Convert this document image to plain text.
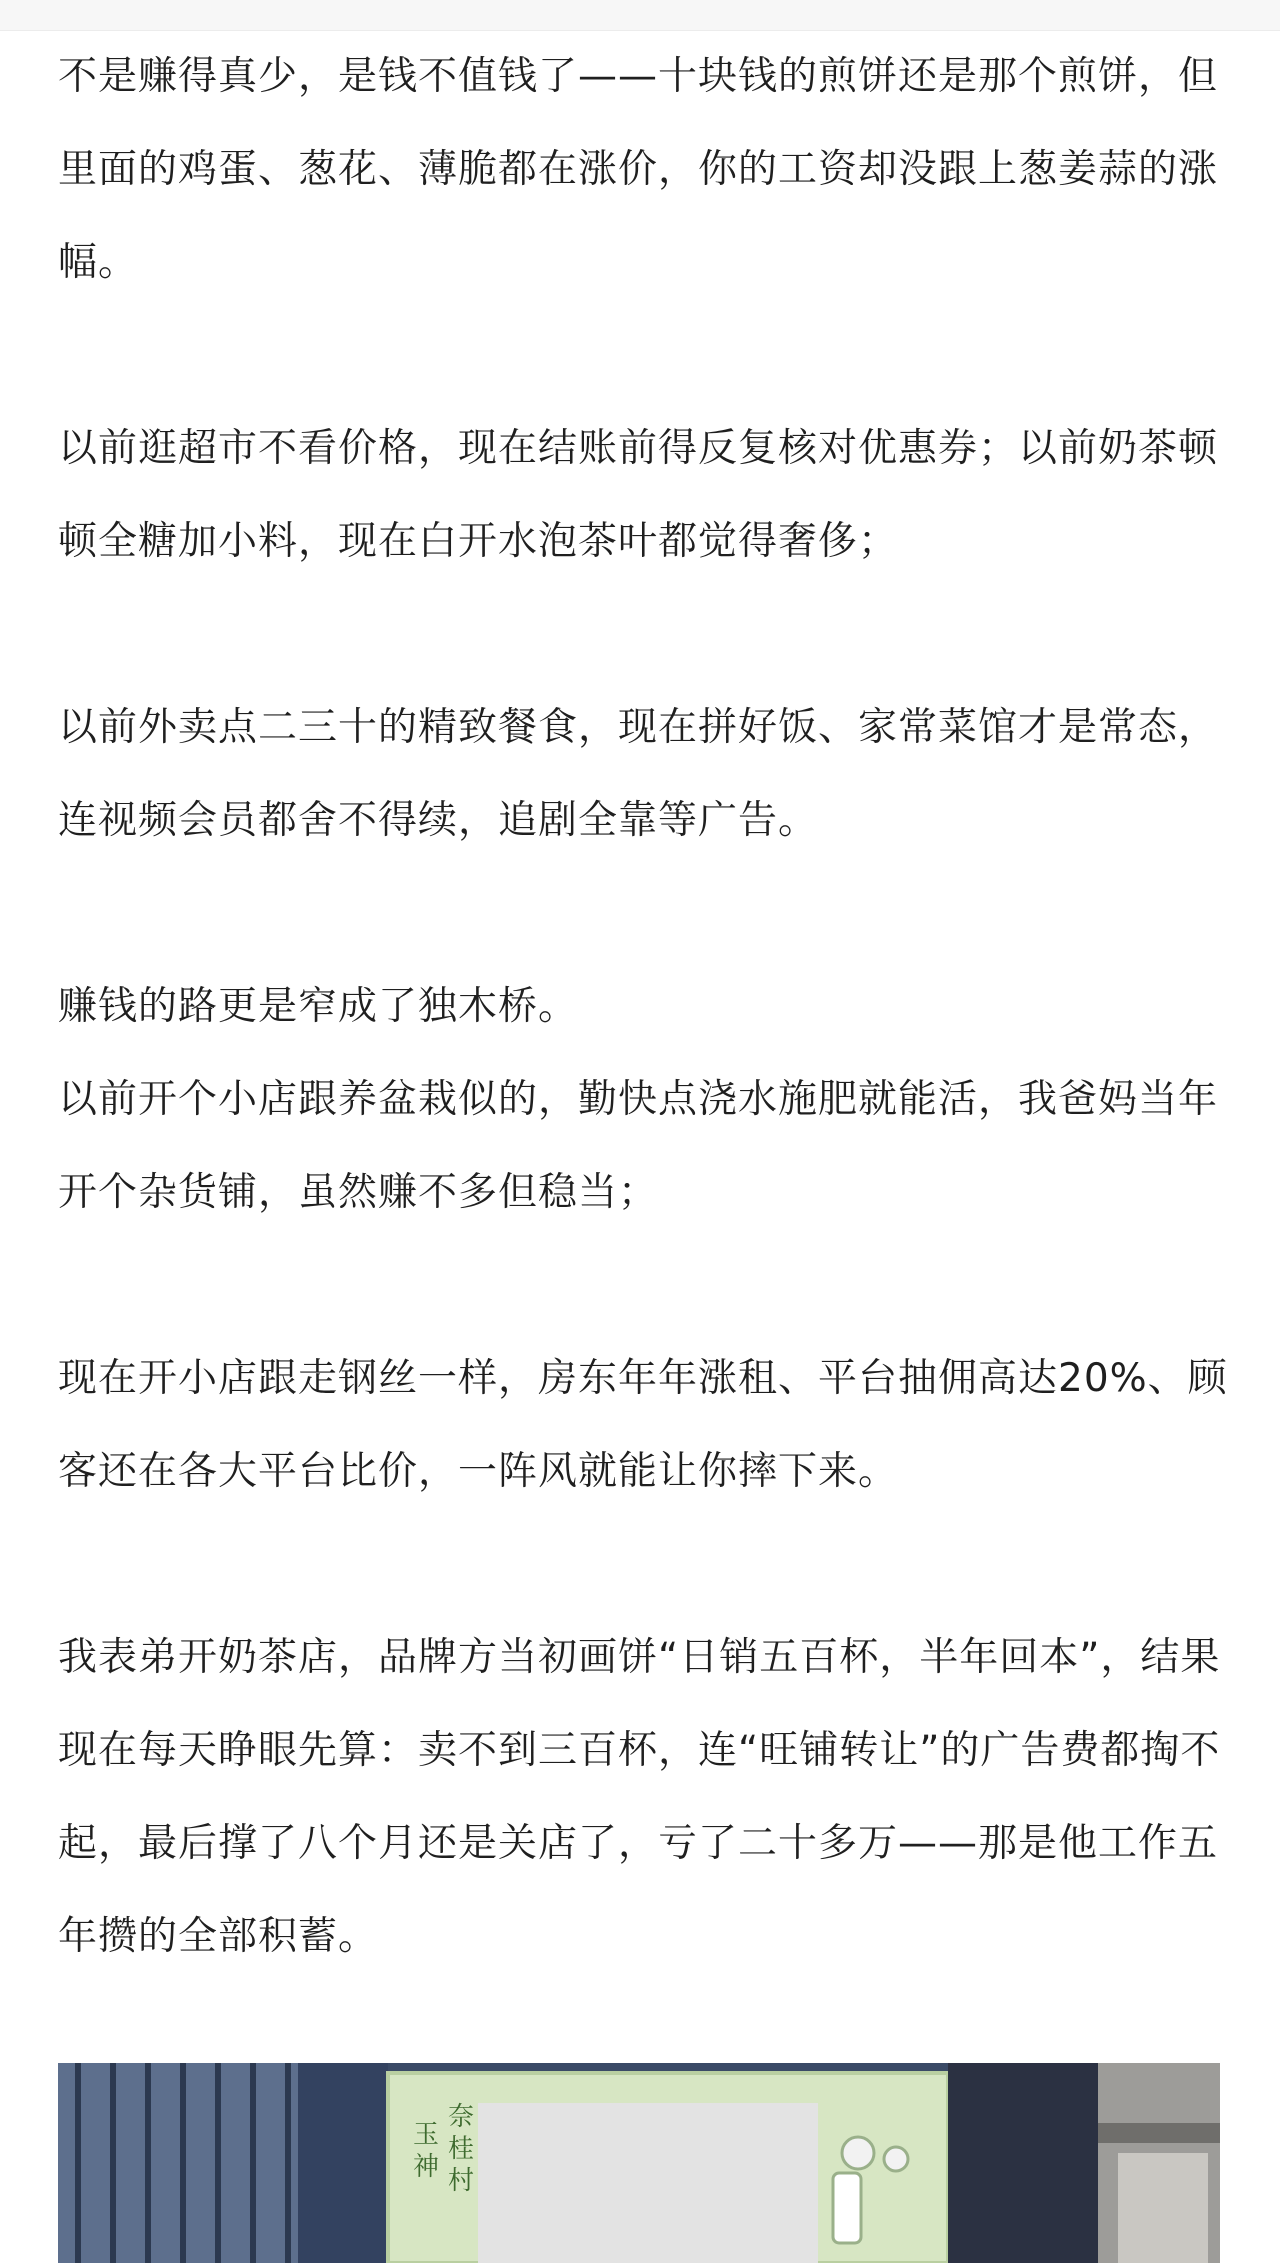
不是赚得真少，是钱不值钱了——十块钱的煎饼还是那个煎饼，但里面的鸡蛋、葱花、薄脆都在涨价，你的工资却没跟上葱姜蒜的涨幅。

以前逛超市不看价格，现在结账前得反复核对优惠券；以前奶茶顿顿全糖加小料，现在白开水泡茶叶都觉得奢侈；

以前外卖点二三十的精致餐食，现在拼好饭、家常菜馆才是常态，连视频会员都舍不得续，追剧全靠等广告。

赚钱的路更是窄成了独木桥。

以前开个小店跟养盆栽似的，勤快点浇水施肥就能活，我爸妈当年开个杂货铺，虽然赚不多但稳当；

现在开小店跟走钢丝一样，房东年年涨租、平台抽佣高达20%、顾客还在各大平台比价，一阵风就能让你摔下来。

我表弟开奶茶店，品牌方当初画饼“日销五百杯，半年回本”，结果现在每天睁眼先算：卖不到三百杯，连“旺铺转让”的广告费都掏不起，最后撑了八个月还是关店了，亏了二十多万——那是他工作五年攒的全部积蓄。

玉
神
奈
桂
村
